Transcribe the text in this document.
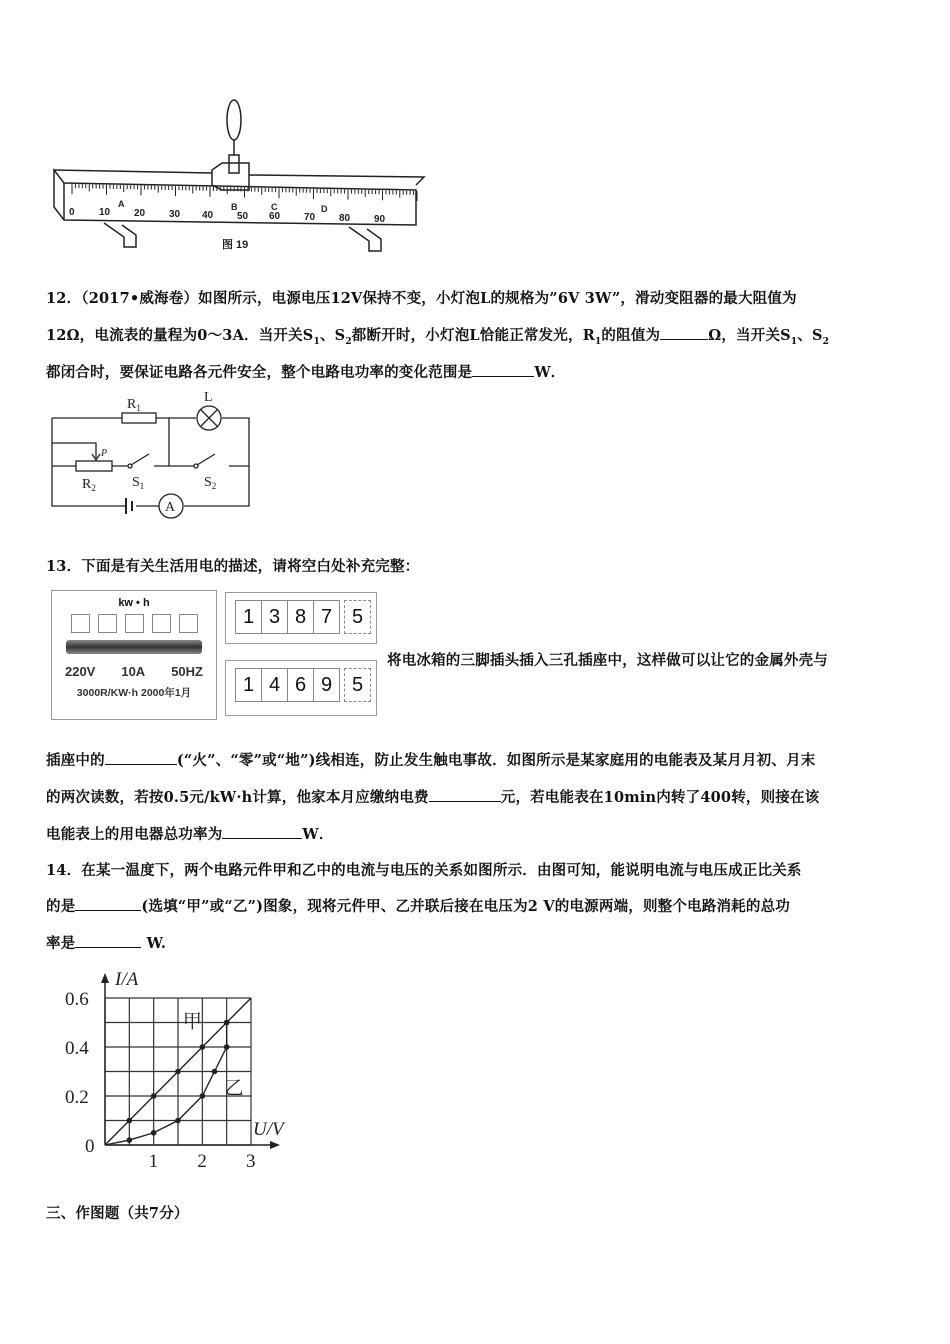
0 10 20 30 40 50 60 70 80 90
A	B	C	D
图 19
12．（2017•威海卷）如图所示，电源电压12V保持不变，小灯泡L的规格为”6V 3W”，滑动变阻器的最大阻值为
12Ω，电流表的量程为0～3A．当开关$S_1$、$S_2$都断开时，小灯泡L恰能正常发光，$R_1$的阻值为	Ω，当开关$S_1$、$S_2$
都闭合时，要保证电路各元件安全，整个电路电功率的变化范围是	W．
$R_1$
L
P
$R_2$	$S_1$	$S_2$
A
13．下面是有关生活用电的描述，请将空白处补充完整：
kw • h
220V 10A 50HZ
3000R/KW·h 2000年1月
1 3 8 7 5
1 4 6 9 5
将电冰箱的三脚插头插入三孔插座中，这样做可以让它的金属外壳与
插座中的	(“火”、“零”或“地”)线相连，防止发生触电事故．如图所示是某家庭用的电能表及某月月初、月末
的两次读数，若按0.5元/kW·h计算，他家本月应缴纳电费	元，若电能表在10min内转了400转，则接在该
电能表上的用电器总功率为	W．
14．在某一温度下，两个电路元件甲和乙中的电流与电压的关系如图所示．由图可知，能说明电流与电压成正比关系
的是	(选填“甲”或“乙”)图象，现将元件甲、乙并联后接在电压为2 V的电源两端，则整个电路消耗的总功
率是	W.
1 2 3
0
0.2
0.4
0.6
I/A
U/V
甲
乙
三、作图题（共7分）
